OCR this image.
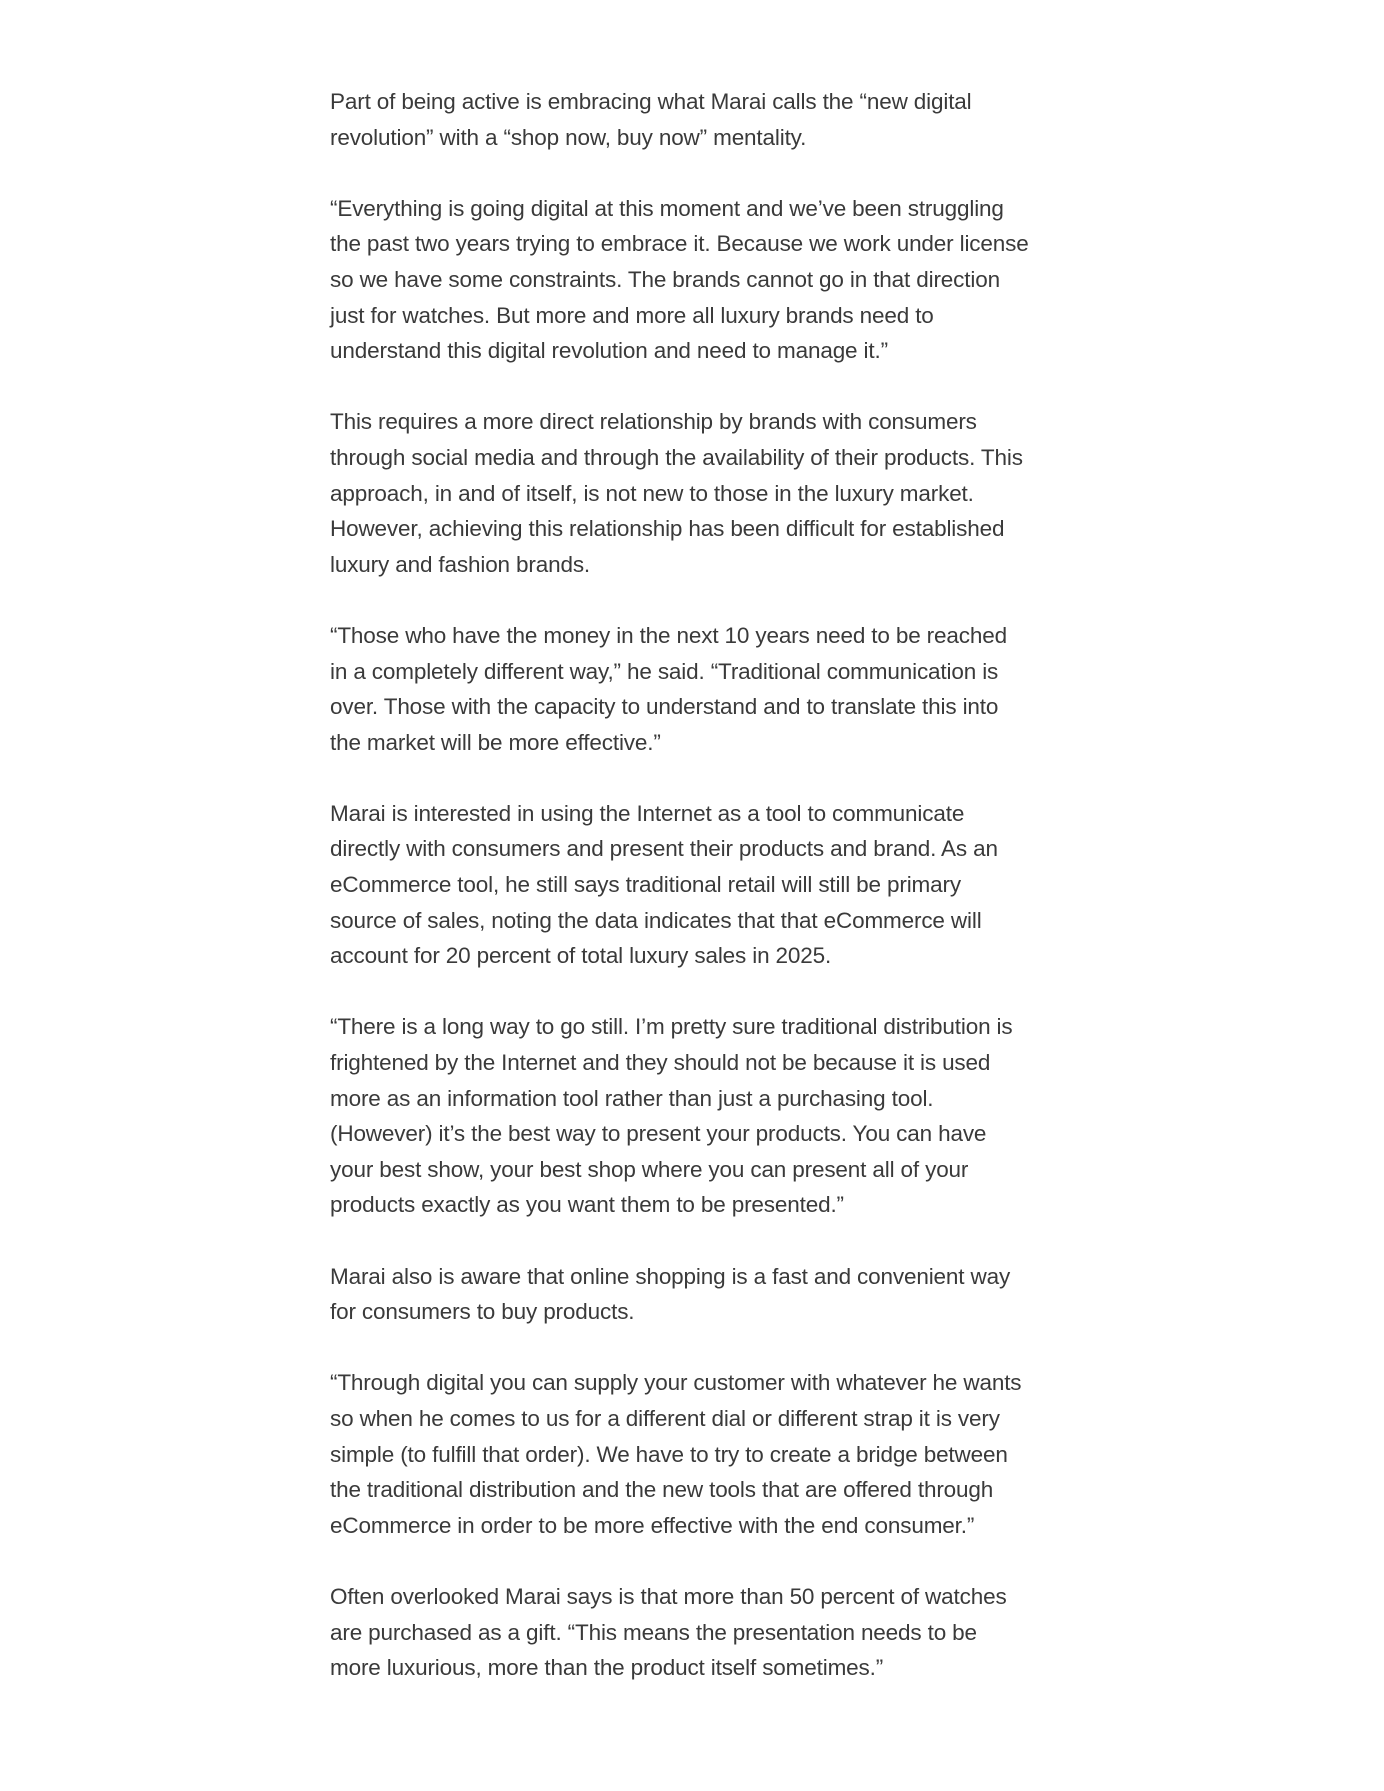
Part of being active is embracing what Marai calls the “new digital
revolution” with a “shop now, buy now” mentality.

“Everything is going digital at this moment and we’ve been struggling
the past two years trying to embrace it. Because we work under license
so we have some constraints. The brands cannot go in that direction
just for watches. But more and more all luxury brands need to
understand this digital revolution and need to manage it.”

This requires a more direct relationship by brands with consumers
through social media and through the availability of their products. This
approach, in and of itself, is not new to those in the luxury market.
However, achieving this relationship has been difficult for established
luxury and fashion brands.

“Those who have the money in the next 10 years need to be reached
in a completely different way,” he said. “Traditional communication is
over. Those with the capacity to understand and to translate this into
the market will be more effective.”

Marai is interested in using the Internet as a tool to communicate
directly with consumers and present their products and brand. As an
eCommerce tool, he still says traditional retail will still be primary
source of sales, noting the data indicates that that eCommerce will
account for 20 percent of total luxury sales in 2025.

“There is a long way to go still. I’m pretty sure traditional distribution is
frightened by the Internet and they should not be because it is used
more as an information tool rather than just a purchasing tool.
(However) it’s the best way to present your products. You can have
your best show, your best shop where you can present all of your
products exactly as you want them to be presented.”

Marai also is aware that online shopping is a fast and convenient way
for consumers to buy products.

“Through digital you can supply your customer with whatever he wants
so when he comes to us for a different dial or different strap it is very
simple (to fulfill that order). We have to try to create a bridge between
the traditional distribution and the new tools that are offered through
eCommerce in order to be more effective with the end consumer.”

Often overlooked Marai says is that more than 50 percent of watches
are purchased as a gift. “This means the presentation needs to be
more luxurious, more than the product itself sometimes.”
